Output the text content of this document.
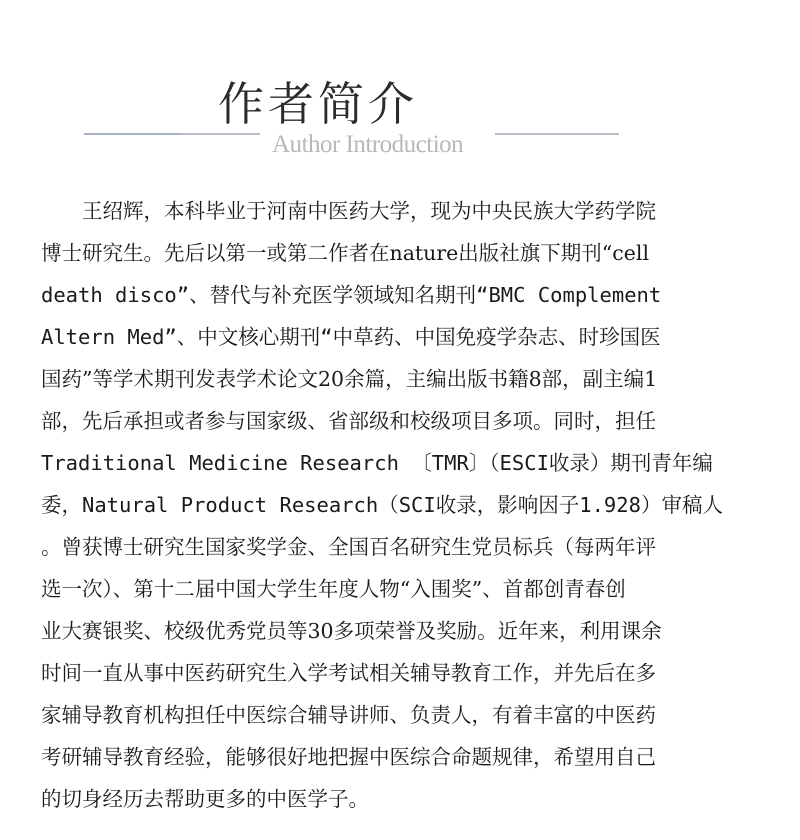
作者简介
Author Introduction
　　王绍辉，本科毕业于河南中医药大学，现为中央民族大学药学院
博士研究生。先后以第一或第二作者在nature出版社旗下期刊“cell
death disco”、替代与补充医学领域知名期刊“BMC Complement
Altern Med”、中文核心期刊“中草药、中国免疫学杂志、时珍国医
国药”等学术期刊发表学术论文20余篇，主编出版书籍8部，副主编1
部，先后承担或者参与国家级、省部级和校级项目多项。同时，担任
Traditional Medicine Research 〔TMR〕（ESCI收录）期刊青年编
委，Natural Product Research（SCI收录，影响因子1.928）审稿人
。曾获博士研究生国家奖学金、全国百名研究生党员标兵（每两年评
选一次）、第十二届中国大学生年度人物“入围奖”、首都创青春创
业大赛银奖、校级优秀党员等30多项荣誉及奖励。近年来，利用课余
时间一直从事中医药研究生入学考试相关辅导教育工作，并先后在多
家辅导教育机构担任中医综合辅导讲师、负责人，有着丰富的中医药
考研辅导教育经验，能够很好地把握中医综合命题规律，希望用自己
的切身经历去帮助更多的中医学子。
